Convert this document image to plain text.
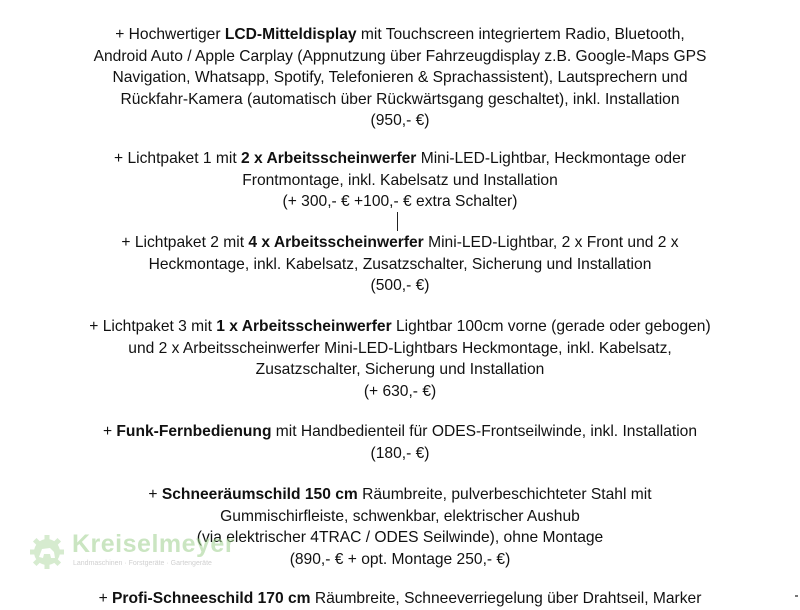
+ Hochwertiger LCD-Mitteldisplay mit Touchscreen integriertem Radio, Bluetooth,
Android Auto / Apple Carplay (Appnutzung über Fahrzeugdisplay z.B. Google-Maps GPS
Navigation, Whatsapp, Spotify, Telefonieren & Sprachassistent), Lautsprechern und
Rückfahr-Kamera (automatisch über Rückwärtsgang geschaltet), inkl. Installation
(950,- €)
+ Lichtpaket 1 mit 2 x Arbeitsscheinwerfer Mini-LED-Lightbar, Heckmontage oder
Frontmontage, inkl. Kabelsatz und Installation
(+ 300,- € +100,- € extra Schalter)
+ Lichtpaket 2 mit 4 x Arbeitsscheinwerfer Mini-LED-Lightbar, 2 x Front und 2 x
Heckmontage, inkl. Kabelsatz, Zusatzschalter, Sicherung und Installation
(500,- €)
+ Lichtpaket 3 mit 1 x Arbeitsscheinwerfer Lightbar 100cm vorne (gerade oder gebogen)
und 2 x Arbeitsscheinwerfer Mini-LED-Lightbars Heckmontage, inkl. Kabelsatz,
Zusatzschalter, Sicherung und Installation
(+ 630,- €)
+ Funk-Fernbedienung mit Handbedienteil für ODES-Frontseilwinde, inkl. Installation
(180,- €)
+ Schneeräumschild 150 cm Räumbreite, pulverbeschichteter Stahl mit
Gummischirfleiste, schwenkbar, elektrischer Aushub
(via elektrischer 4TRAC / ODES Seilwinde), ohne Montage
(890,- € + opt. Montage 250,- €)
+ Profi-Schneeschild 170 cm Räumbreite, Schneeverriegelung über Drahtseil, Marker
Kreiselmeyer
Landmaschinen · Forstgeräte · Gartengeräte
